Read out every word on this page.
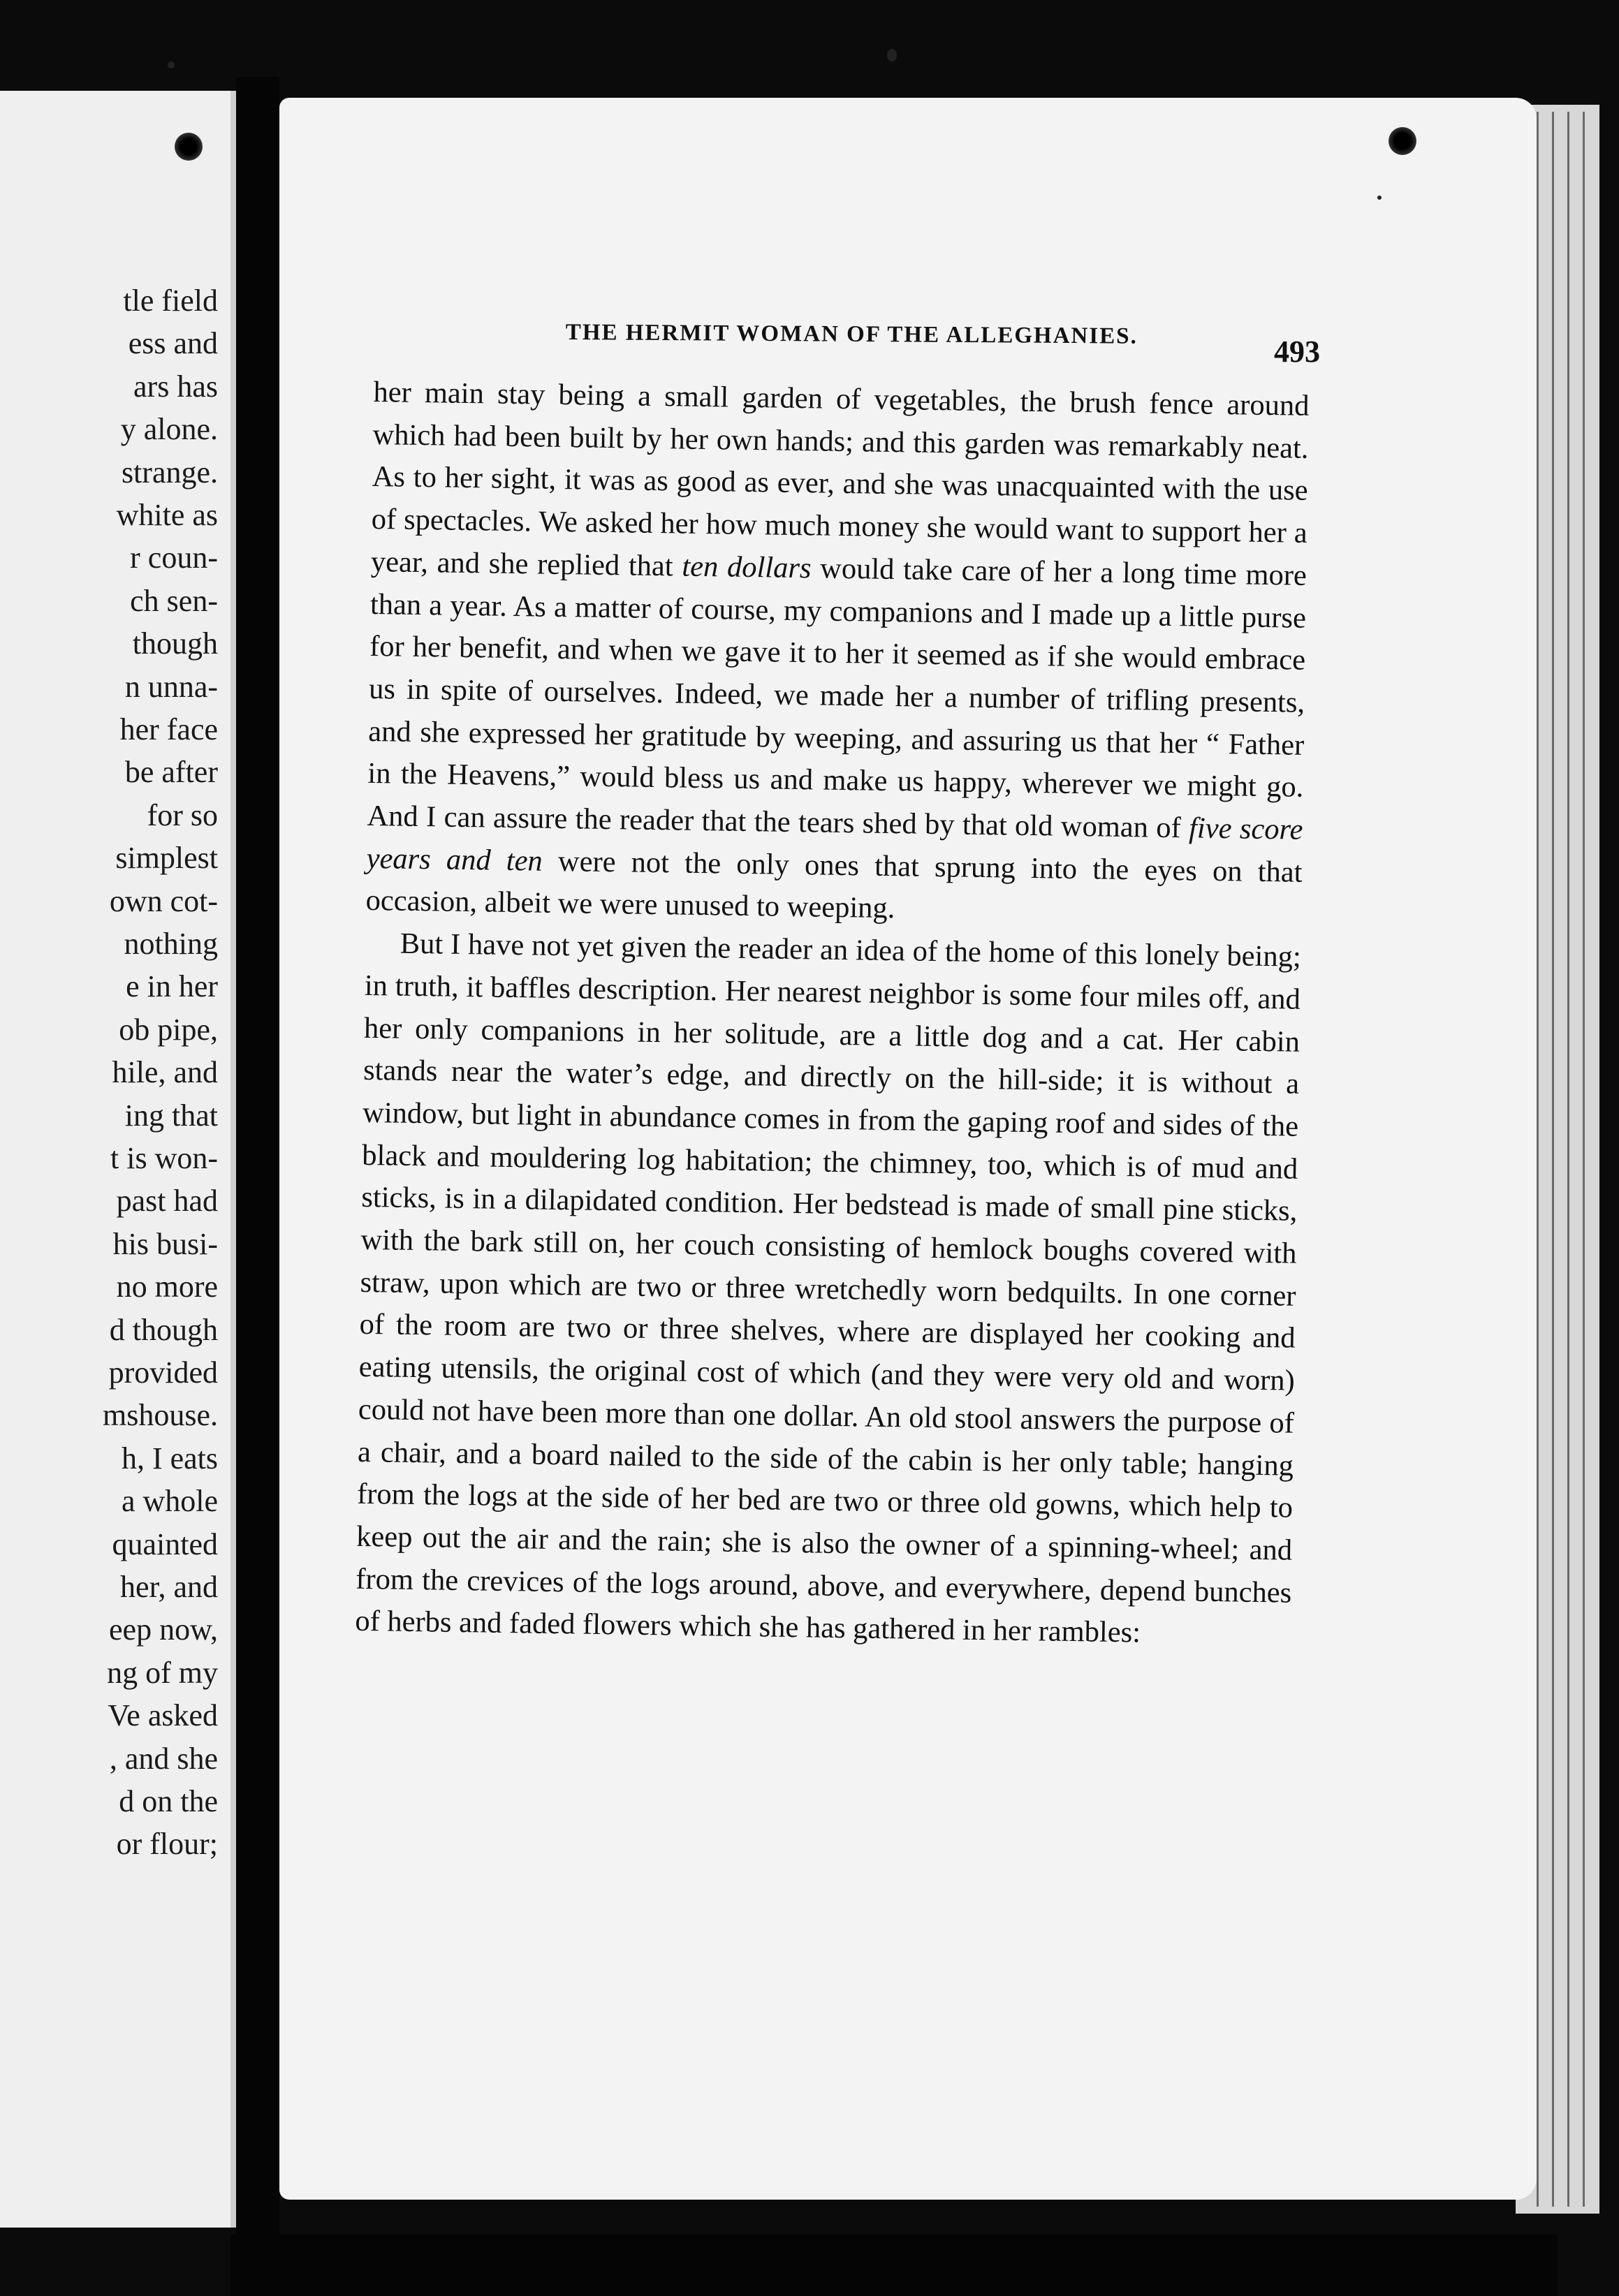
tle field
ess and
ars has
y alone.
strange.
white as
r coun-
ch sen-
though
n unna-
her face
be after
for so
simplest
own cot-
nothing
e in her
ob pipe,
hile, and
ing that
t is won-
past had
his busi-
no more
d though
provided
mshouse.
h, I eats
a whole
quainted
her, and
eep now,
ng of my
Ve asked
, and she
d on the
or flour;
THE HERMIT WOMAN OF THE ALLEGHANIES.
493

her main stay being a small garden of vegetables, the brush fence around which had been built by her own hands; and this garden was remarkably neat. As to her sight, it was as good as ever, and she was unacquainted with the use of spectacles. We asked her how much money she would want to support her a year, and she replied that ten dollars would take care of her a long time more than a year. As a matter of course, my companions and I made up a little purse for her benefit, and when we gave it to her it seemed as if she would embrace us in spite of ourselves. Indeed, we made her a number of trifling presents, and she expressed her gratitude by weeping, and assuring us that her “ Father in the Heavens,” would bless us and make us happy, wherever we might go. And I can assure the reader that the tears shed by that old woman of five score years and ten were not the only ones that sprung into the eyes on that occasion, albeit we were unused to weeping.

But I have not yet given the reader an idea of the home of this lonely being; in truth, it baffles description. Her nearest neighbor is some four miles off, and her only companions in her solitude, are a little dog and a cat. Her cabin stands near the water’s edge, and directly on the hill-side; it is without a window, but light in abundance comes in from the gaping roof and sides of the black and mouldering log habitation; the chimney, too, which is of mud and sticks, is in a dilapidated condition. Her bedstead is made of small pine sticks, with the bark still on, her couch consisting of hemlock boughs covered with straw, upon which are two or three wretchedly worn bedquilts. In one corner of the room are two or three shelves, where are displayed her cooking and eating utensils, the original cost of which (and they were very old and worn) could not have been more than one dollar. An old stool answers the purpose of a chair, and a board nailed to the side of the cabin is her only table; hanging from the logs at the side of her bed are two or three old gowns, which help to keep out the air and the rain; she is also the owner of a spinning-wheel; and from the crevices of the logs around, above, and everywhere, depend bunches of herbs and faded flowers which she has gathered in her rambles:
